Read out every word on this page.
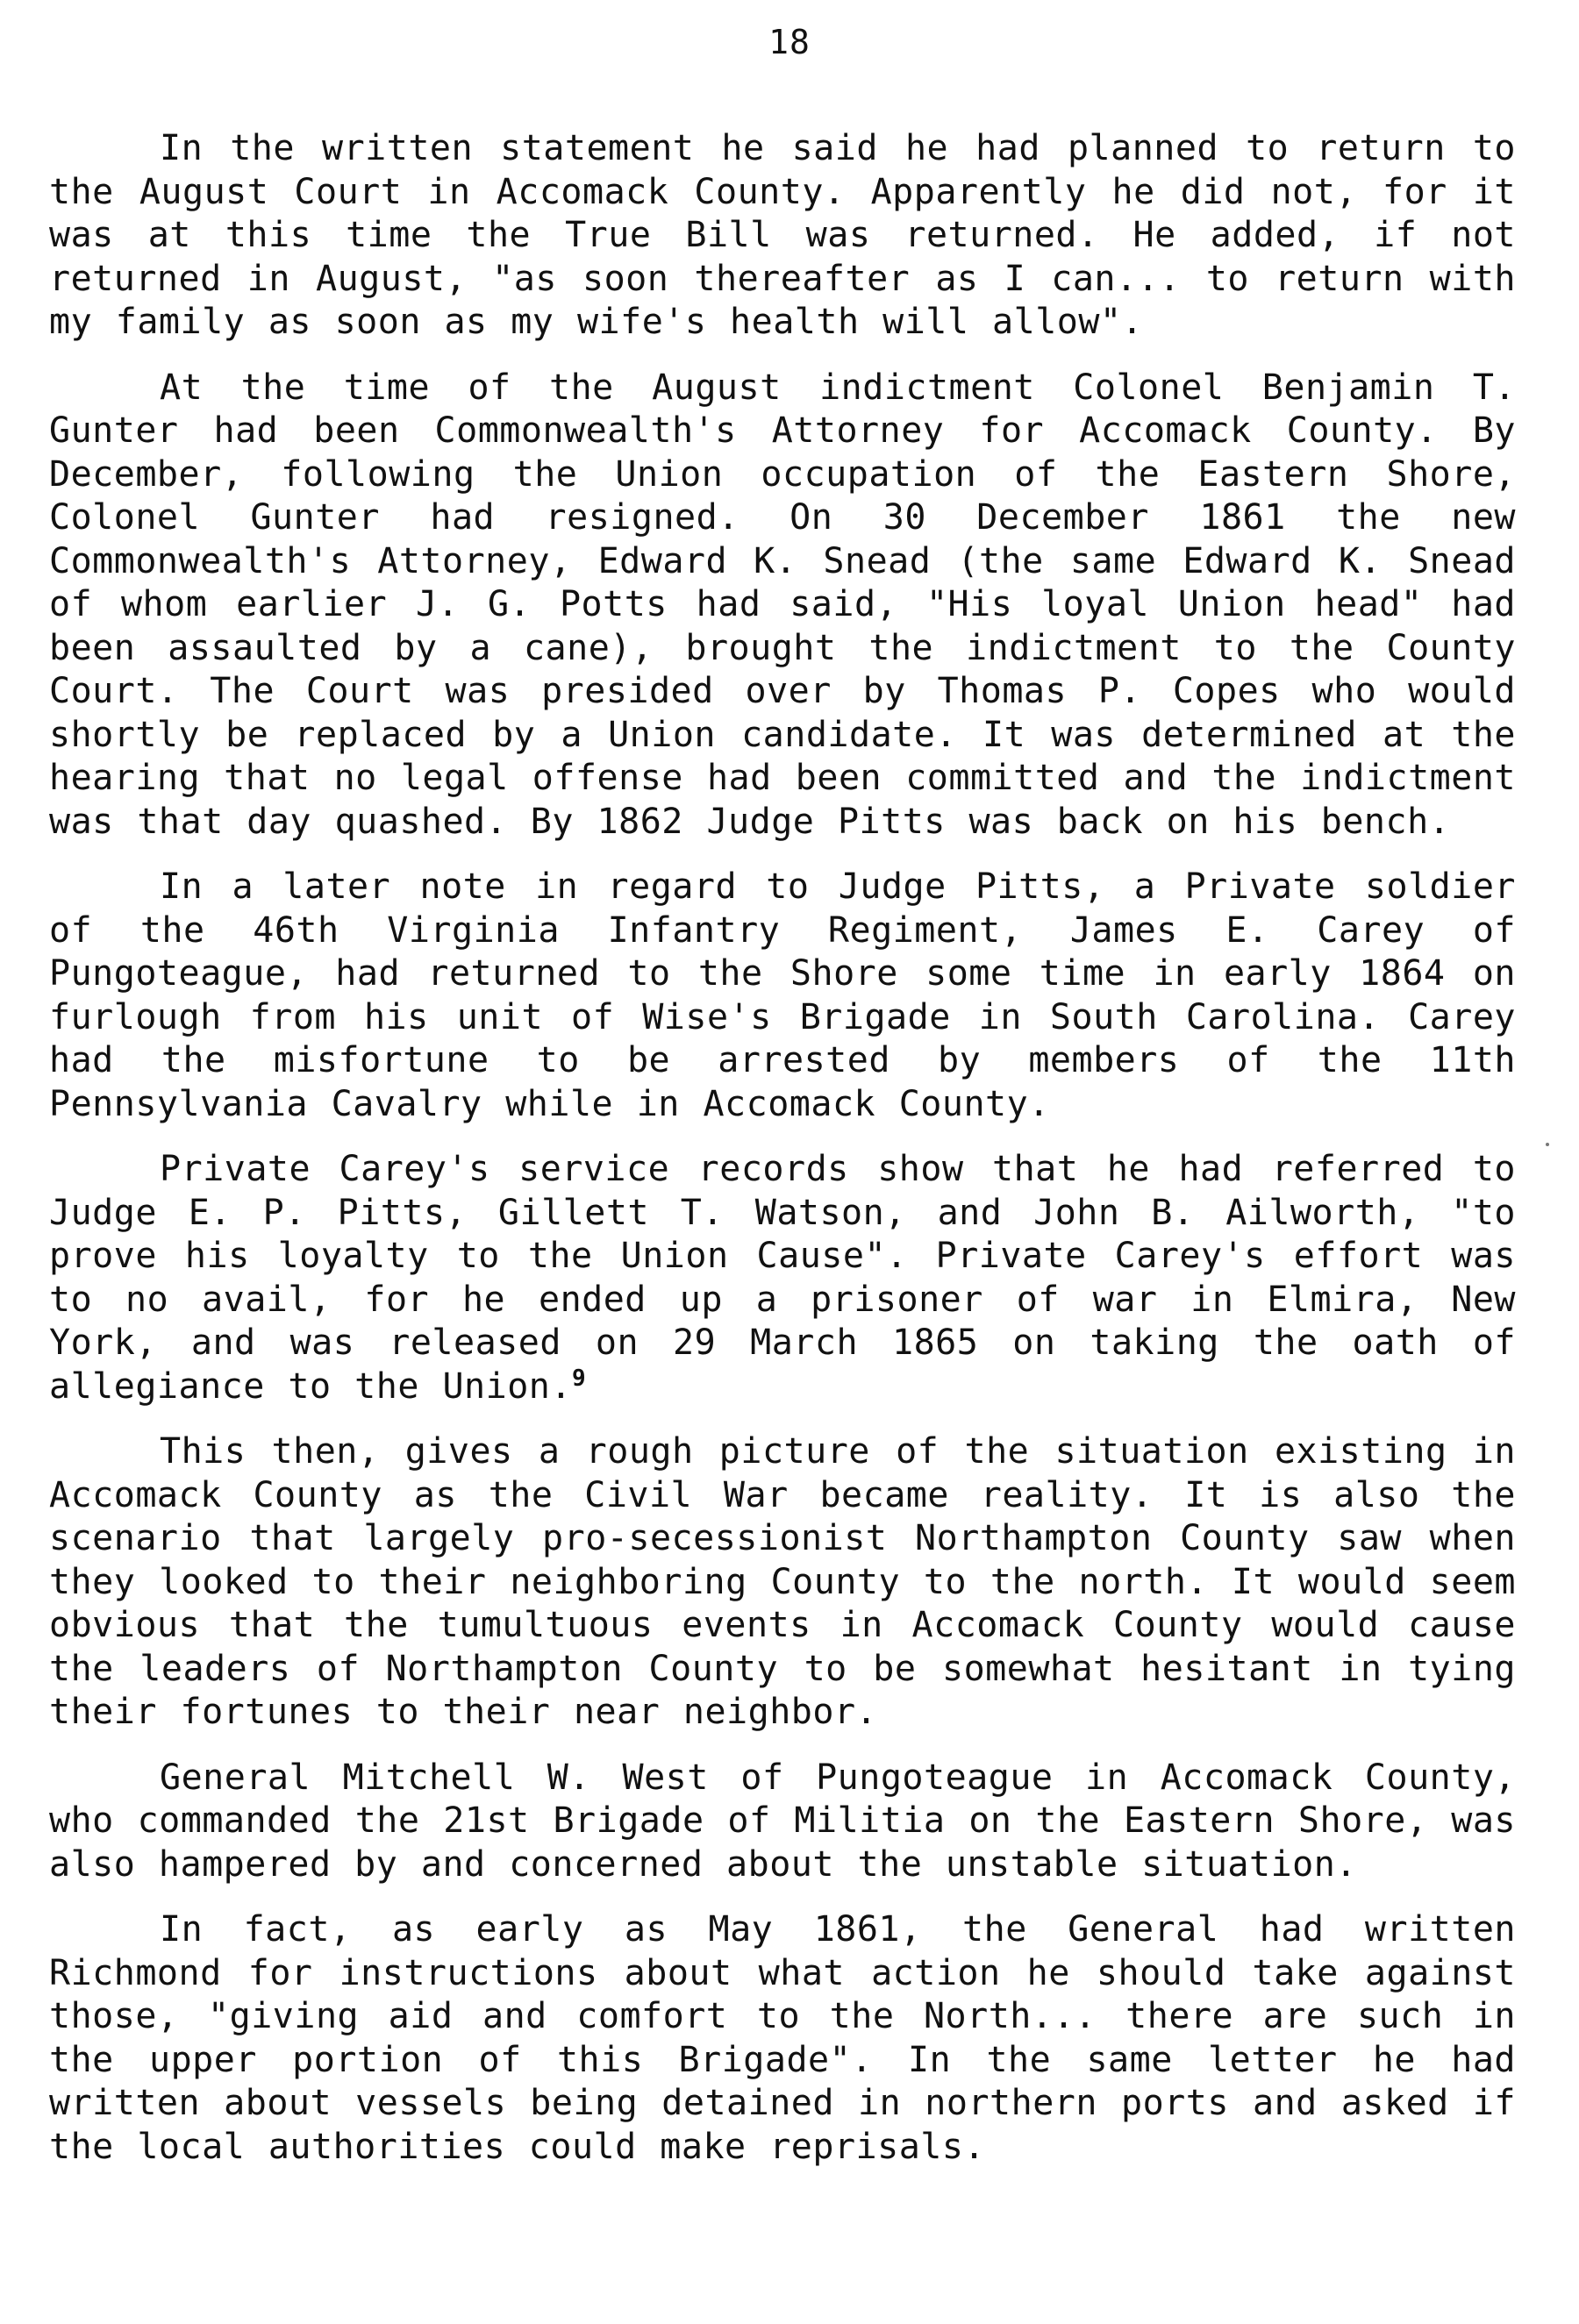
18

In the written statement he said he had planned to return to the August Court in Accomack County. Apparently he did not, for it was at this time the True Bill was returned. He added, if not returned in August, "as soon thereafter as I can... to return with my family as soon as my wife's health will allow".

At the time of the August indictment Colonel Benjamin T. Gunter had been Commonwealth's Attorney for Accomack County. By December, following the Union occupation of the Eastern Shore, Colonel Gunter had resigned. On 30 December 1861 the new Commonwealth's Attorney, Edward K. Snead (the same Edward K. Snead of whom earlier J. G. Potts had said, "His loyal Union head" had been assaulted by a cane), brought the indictment to the County Court. The Court was presided over by Thomas P. Copes who would shortly be replaced by a Union candidate. It was determined at the hearing that no legal offense had been committed and the indictment was that day quashed. By 1862 Judge Pitts was back on his bench.

In a later note in regard to Judge Pitts, a Private soldier of the 46th Virginia Infantry Regiment, James E. Carey of Pungoteague, had returned to the Shore some time in early 1864 on furlough from his unit of Wise's Brigade in South Carolina. Carey had the misfortune to be arrested by members of the 11th Pennsylvania Cavalry while in Accomack County.

Private Carey's service records show that he had referred to Judge E. P. Pitts, Gillett T. Watson, and John B. Ailworth, "to prove his loyalty to the Union Cause". Private Carey's effort was to no avail, for he ended up a prisoner of war in Elmira, New York, and was released on 29 March 1865 on taking the oath of allegiance to the Union.$^9$

This then, gives a rough picture of the situation existing in Accomack County as the Civil War became reality. It is also the scenario that largely pro-secessionist Northampton County saw when they looked to their neighboring County to the north. It would seem obvious that the tumultuous events in Accomack County would cause the leaders of Northampton County to be somewhat hesitant in tying their fortunes to their near neighbor.

General Mitchell W. West of Pungoteague in Accomack County, who commanded the 21st Brigade of Militia on the Eastern Shore, was also hampered by and concerned about the unstable situation.

In fact, as early as May 1861, the General had written Richmond for instructions about what action he should take against those, "giving aid and comfort to the North... there are such in the upper portion of this Brigade". In the same letter he had written about vessels being detained in northern ports and asked if the local authorities could make reprisals.
